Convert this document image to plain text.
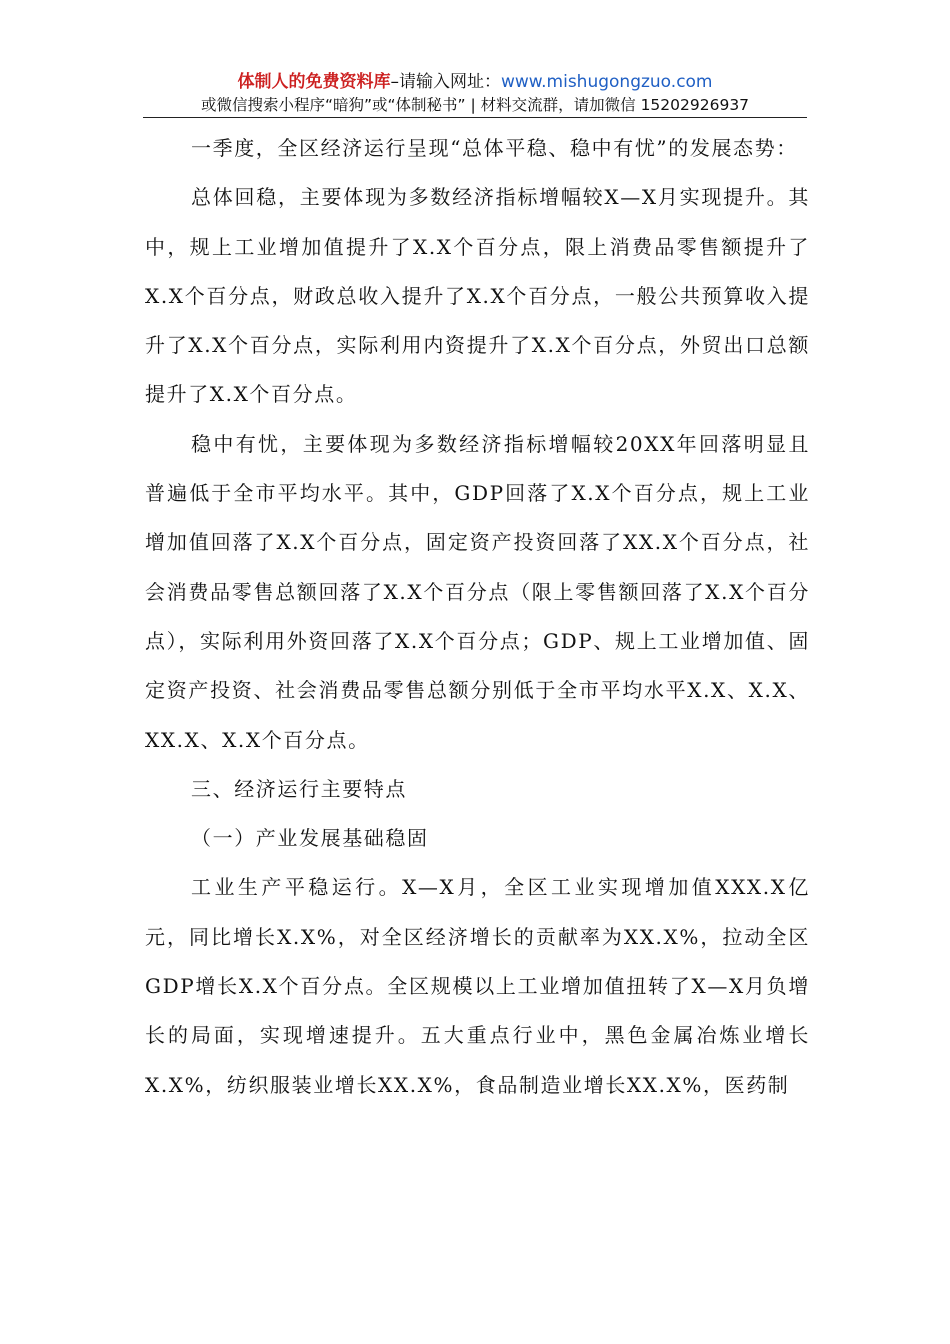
体制人的免费资料库–请输入网址：www.mishugongzuo.com
或微信搜索小程序“暗狗”或“体制秘书” | 材料交流群，请加微信 15202926937

一季度，全区经济运行呈现“总体平稳、稳中有忧”的发展态势：

总体回稳，主要体现为多数经济指标增幅较X—X月实现提升。其中，规上工业增加值提升了X.X个百分点，限上消费品零售额提升了X.X个百分点，财政总收入提升了X.X个百分点，一般公共预算收入提升了X.X个百分点，实际利用内资提升了X.X个百分点，外贸出口总额提升了X.X个百分点。

稳中有忧，主要体现为多数经济指标增幅较20XX年回落明显且普遍低于全市平均水平。其中，GDP回落了X.X个百分点，规上工业增加值回落了X.X个百分点，固定资产投资回落了XX.X个百分点，社会消费品零售总额回落了X.X个百分点（限上零售额回落了X.X个百分点），实际利用外资回落了X.X个百分点；GDP、规上工业增加值、固定资产投资、社会消费品零售总额分别低于全市平均水平X.X、X.X、XX.X、X.X个百分点。

三、经济运行主要特点

（一）产业发展基础稳固

工业生产平稳运行。X—X月，全区工业实现增加值XXX.X亿元，同比增长X.X%，对全区经济增长的贡献率为XX.X%，拉动全区GDP增长X.X个百分点。全区规模以上工业增加值扭转了X—X月负增长的局面，实现增速提升。五大重点行业中，黑色金属冶炼业增长X.X%，纺织服装业增长XX.X%，食品制造业增长XX.X%，医药制
